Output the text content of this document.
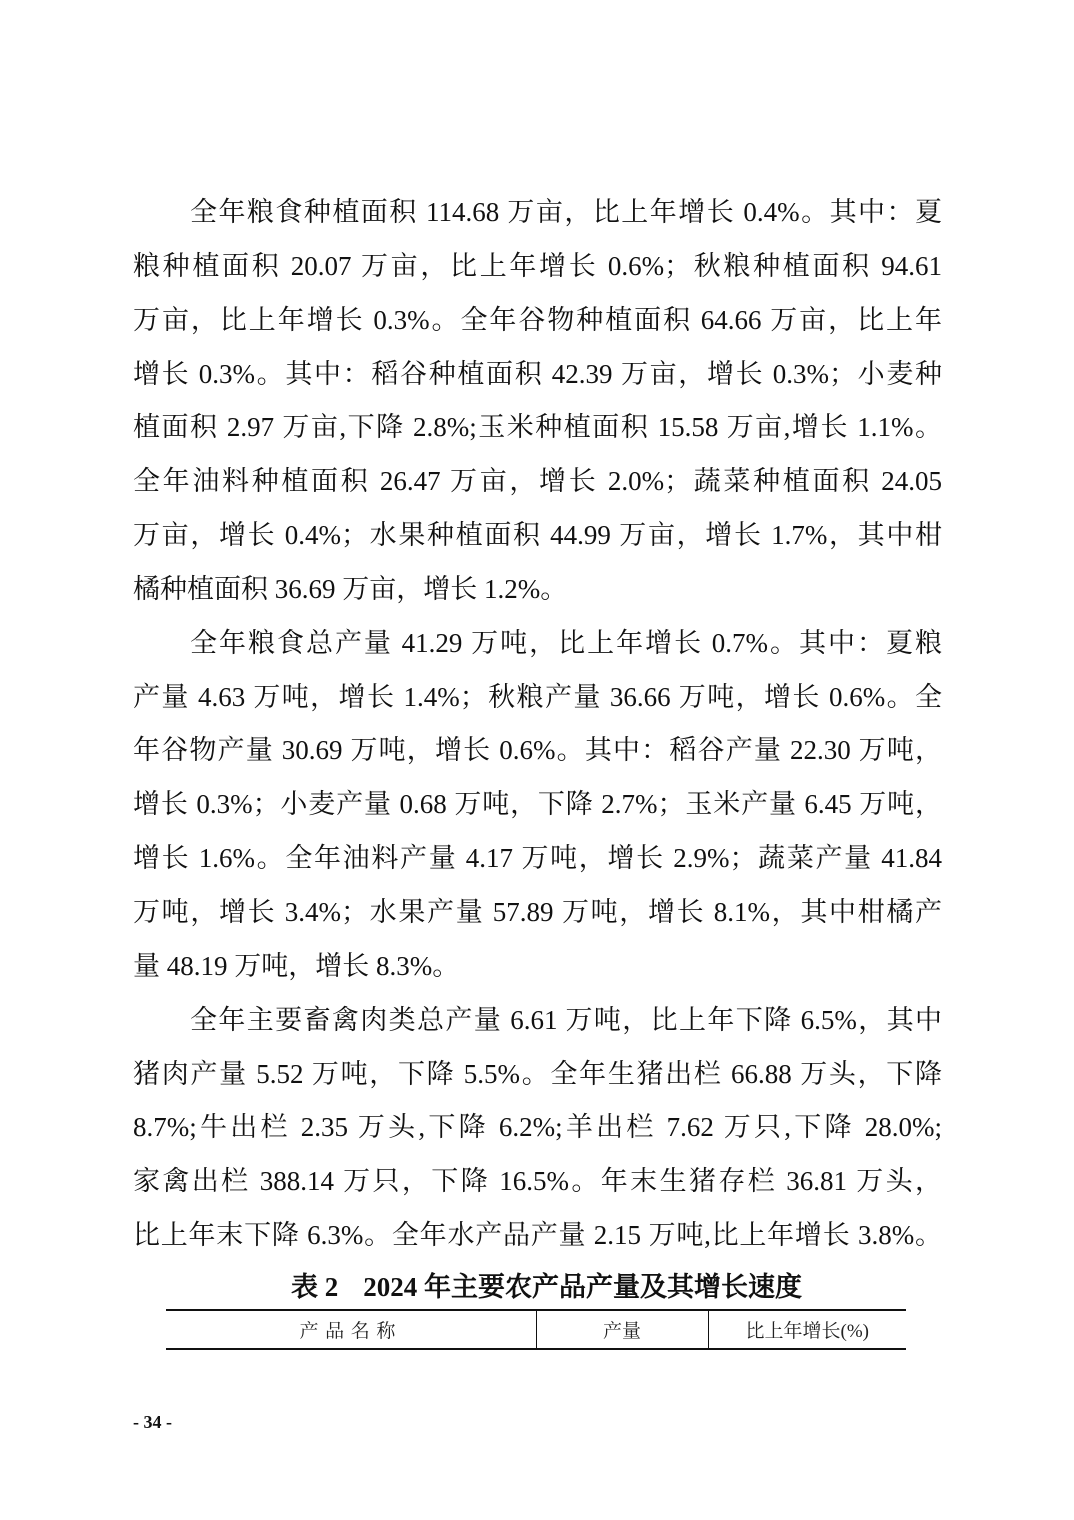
全年粮食种植面积 114.68 万亩，比上年增长 0.4%。其中：夏
粮种植面积 20.07 万亩，比上年增长 0.6%；秋粮种植面积 94.61
万亩，比上年增长 0.3%。全年谷物种植面积 64.66 万亩，比上年
增长 0.3%。其中：稻谷种植面积 42.39 万亩，增长 0.3%；小麦种
植面积 2.97 万亩,下降 2.8%;玉米种植面积 15.58 万亩,增长 1.1%。
全年油料种植面积 26.47 万亩，增长 2.0%；蔬菜种植面积 24.05
万亩，增长 0.4%；水果种植面积 44.99 万亩，增长 1.7%，其中柑
橘种植面积 36.69 万亩，增长 1.2%。
全年粮食总产量 41.29 万吨，比上年增长 0.7%。其中：夏粮
产量 4.63 万吨，增长 1.4%；秋粮产量 36.66 万吨，增长 0.6%。全
年谷物产量 30.69 万吨，增长 0.6%。其中：稻谷产量 22.30 万吨，
增长 0.3%；小麦产量 0.68 万吨，下降 2.7%；玉米产量 6.45 万吨，
增长 1.6%。全年油料产量 4.17 万吨，增长 2.9%；蔬菜产量 41.84
万吨，增长 3.4%；水果产量 57.89 万吨，增长 8.1%，其中柑橘产
量 48.19 万吨，增长 8.3%。
全年主要畜禽肉类总产量 6.61 万吨，比上年下降 6.5%，其中
猪肉产量 5.52 万吨，下降 5.5%。全年生猪出栏 66.88 万头，下降
8.7%;牛出栏 2.35 万头,下降 6.2%;羊出栏 7.62 万只,下降 28.0%;
家禽出栏 388.14 万只，下降 16.5%。年末生猪存栏 36.81 万头，
比上年末下降 6.3%。全年水产品产量 2.15 万吨,比上年增长 3.8%。
表 2 2024 年主要农产品产量及其增长速度
产品名称	产量	比上年增长(%)
- 34 -
